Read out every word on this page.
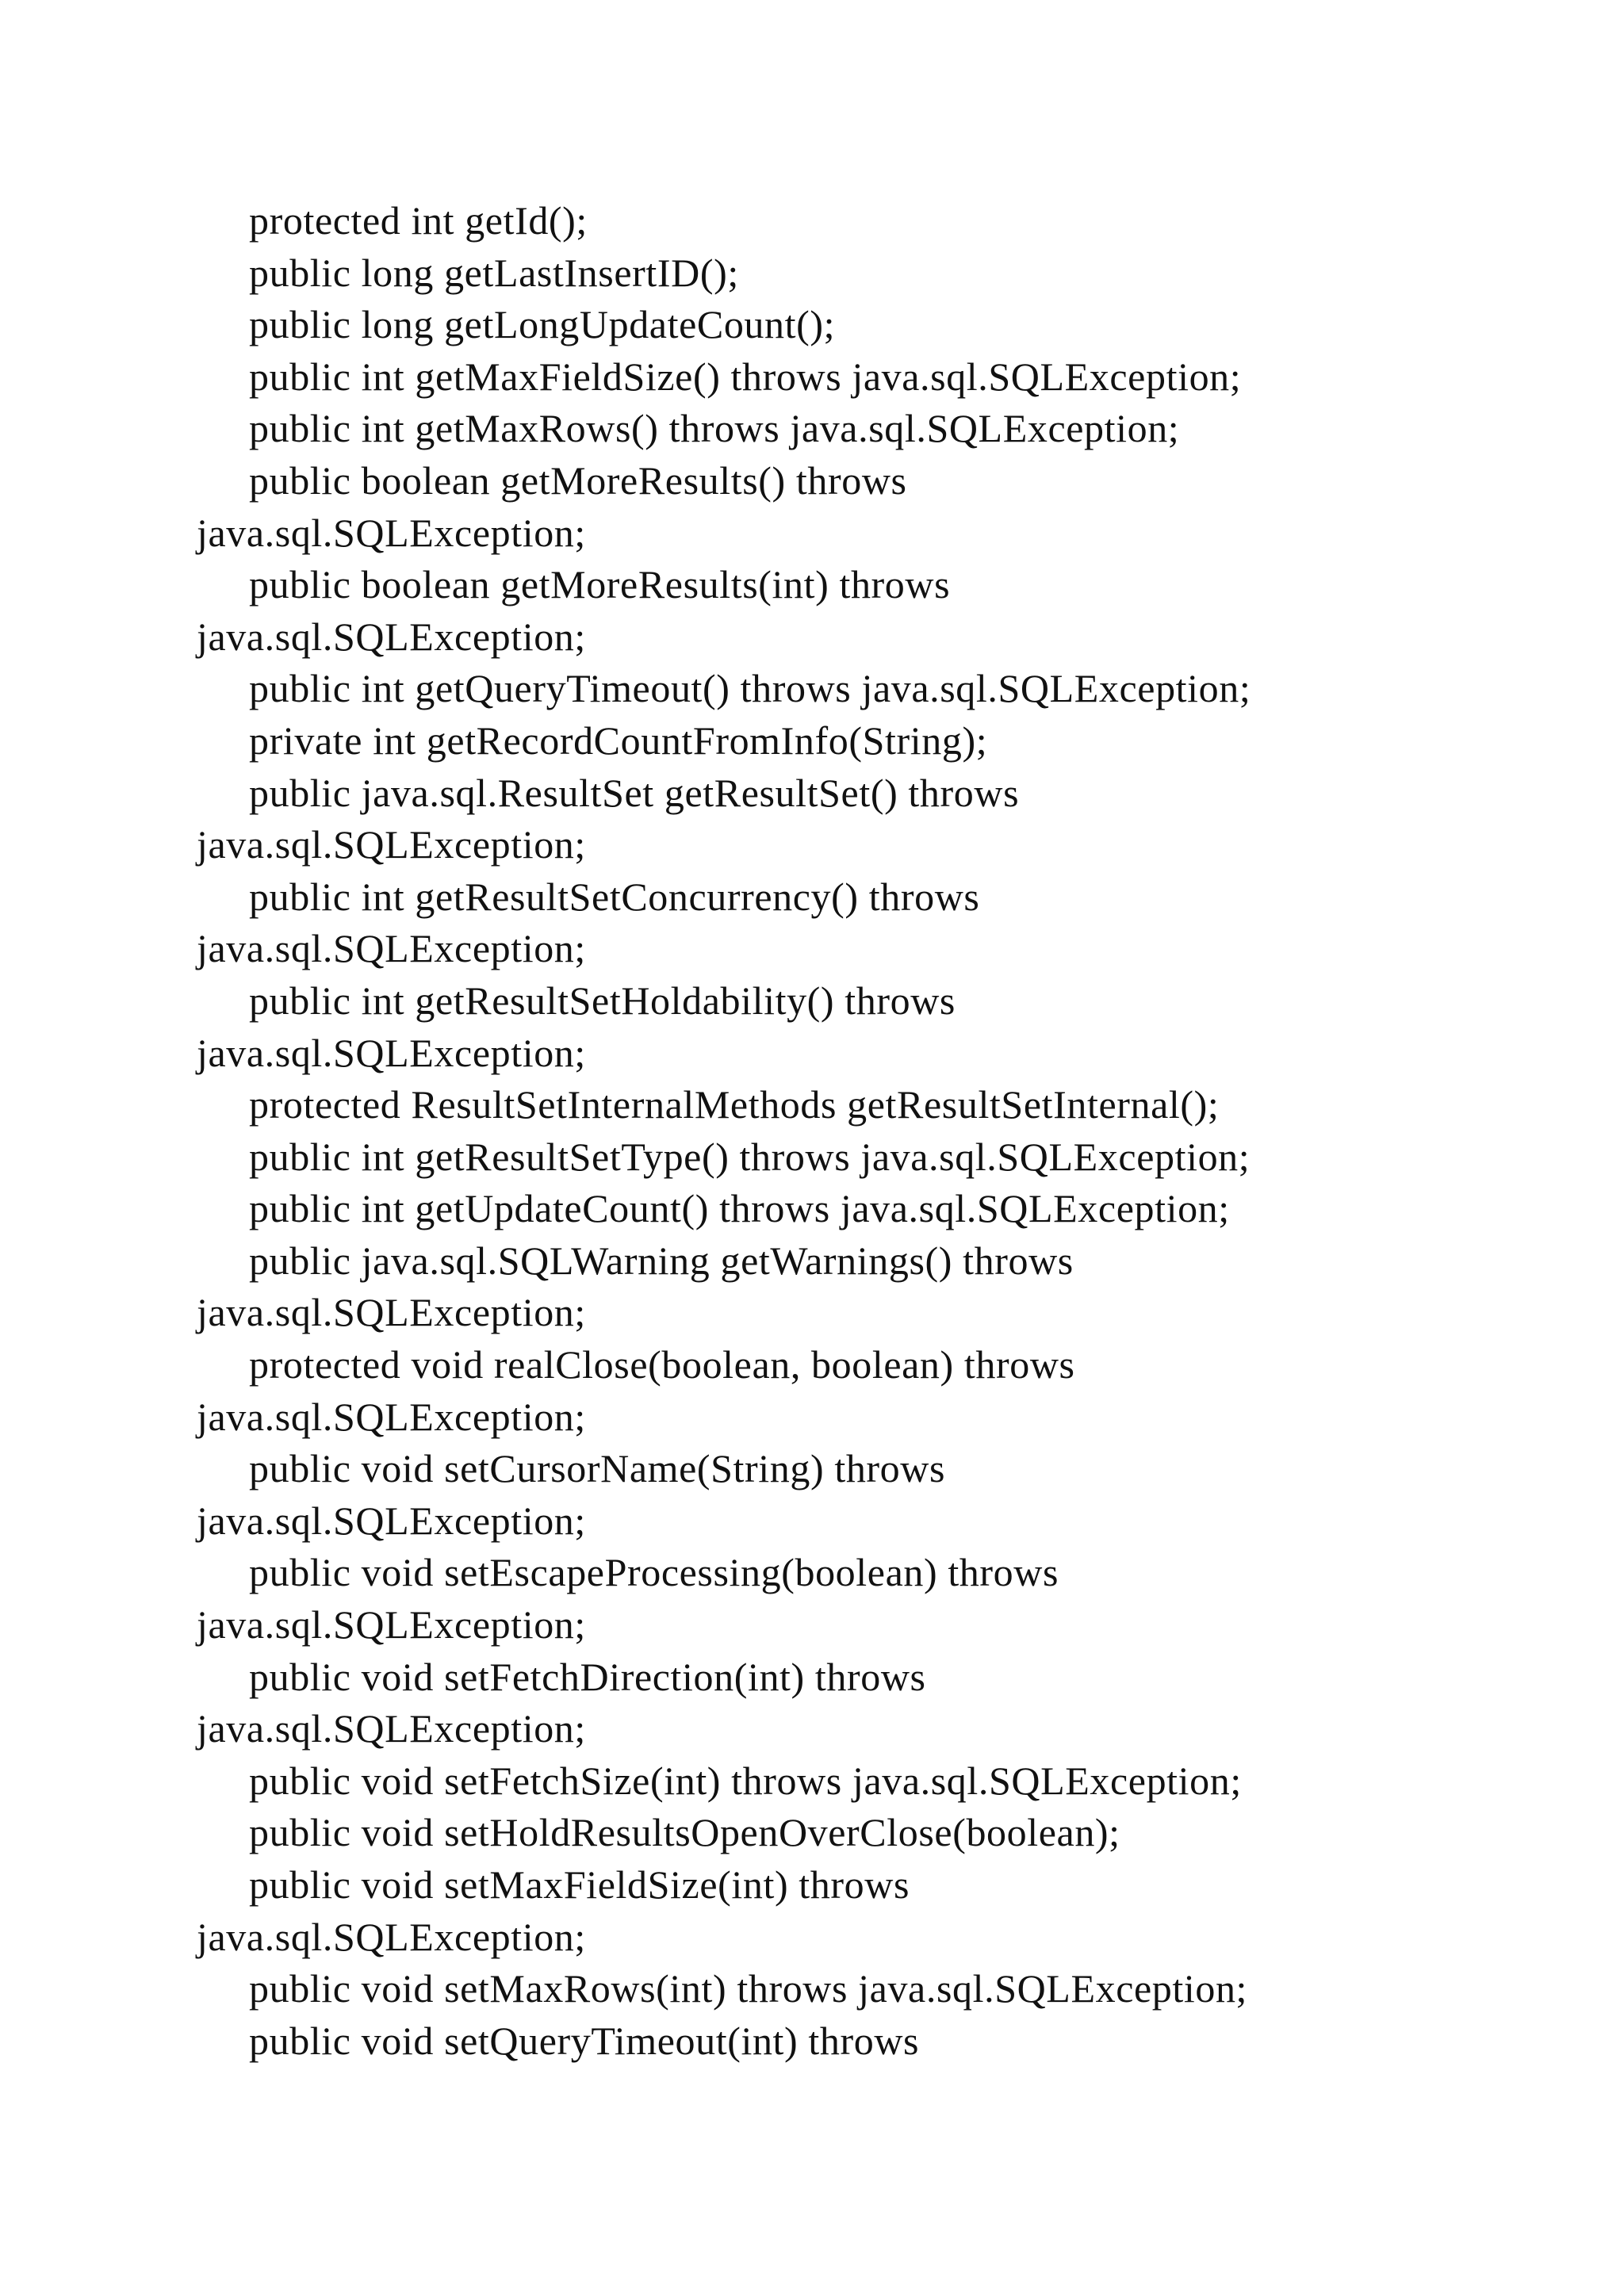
protected int getId();
public long getLastInsertID();
public long getLongUpdateCount();
public int getMaxFieldSize() throws java.sql.SQLException;
public int getMaxRows() throws java.sql.SQLException;
public boolean getMoreResults() throws
java.sql.SQLException;
public boolean getMoreResults(int) throws
java.sql.SQLException;
public int getQueryTimeout() throws java.sql.SQLException;
private int getRecordCountFromInfo(String);
public java.sql.ResultSet getResultSet() throws
java.sql.SQLException;
public int getResultSetConcurrency() throws
java.sql.SQLException;
public int getResultSetHoldability() throws
java.sql.SQLException;
protected ResultSetInternalMethods getResultSetInternal();
public int getResultSetType() throws java.sql.SQLException;
public int getUpdateCount() throws java.sql.SQLException;
public java.sql.SQLWarning getWarnings() throws
java.sql.SQLException;
protected void realClose(boolean, boolean) throws
java.sql.SQLException;
public void setCursorName(String) throws
java.sql.SQLException;
public void setEscapeProcessing(boolean) throws
java.sql.SQLException;
public void setFetchDirection(int) throws
java.sql.SQLException;
public void setFetchSize(int) throws java.sql.SQLException;
public void setHoldResultsOpenOverClose(boolean);
public void setMaxFieldSize(int) throws
java.sql.SQLException;
public void setMaxRows(int) throws java.sql.SQLException;
public void setQueryTimeout(int) throws
